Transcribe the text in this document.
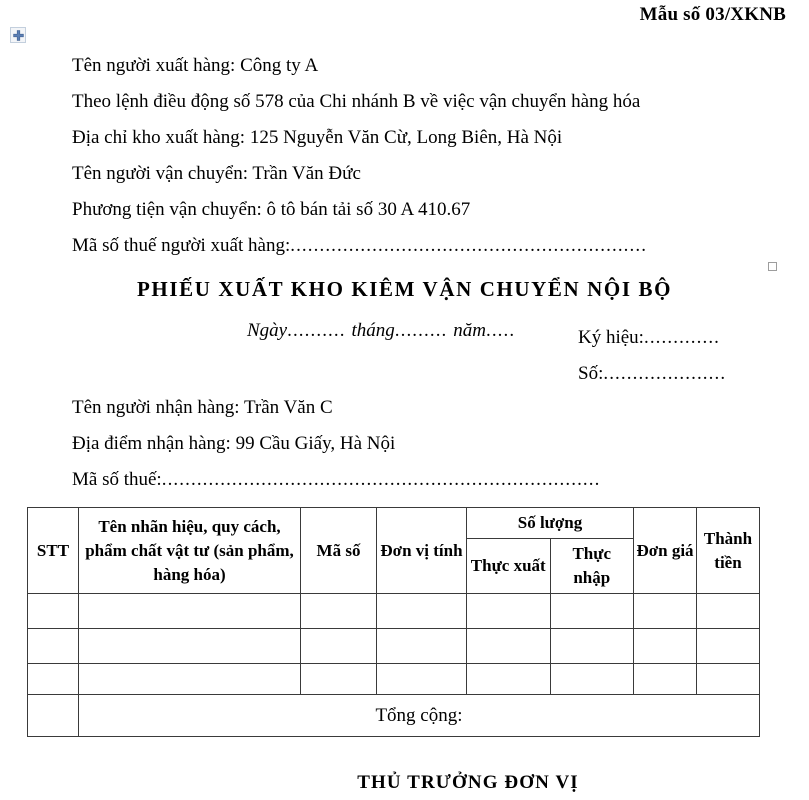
Mẫu số 03/XKNB
Tên người xuất hàng: Công ty A
Theo lệnh điều động số 578 của Chi nhánh B về việc vận chuyển hàng hóa
Địa chỉ kho xuất hàng: 125 Nguyễn Văn Cừ, Long Biên, Hà Nội
Tên người vận chuyển: Trần Văn Đức
Phương tiện vận chuyển: ô tô bán tải số 30 A 410.67
Mã số thuế người xuất hàng:.............................................................
PHIẾU XUẤT KHO KIÊM VẬN CHUYỂN NỘI BỘ
Ngày.......... tháng......... năm.....	Ký hiệu:.............
Số:.....................
Tên người nhận hàng: Trần Văn C
Địa điểm nhận hàng: 99 Cầu Giấy, Hà Nội
Mã số thuế:...........................................................................
STT	Tên nhãn hiệu, quy cách, phẩm chất vật tư (sản phẩm, hàng hóa)	Mã số	Đơn vị tính	Số lượng		Đơn giá	Thành tiền
				Thực xuất	Thực nhập		

	Tổng cộng:						
THỦ TRƯỞNG ĐƠN VỊ
